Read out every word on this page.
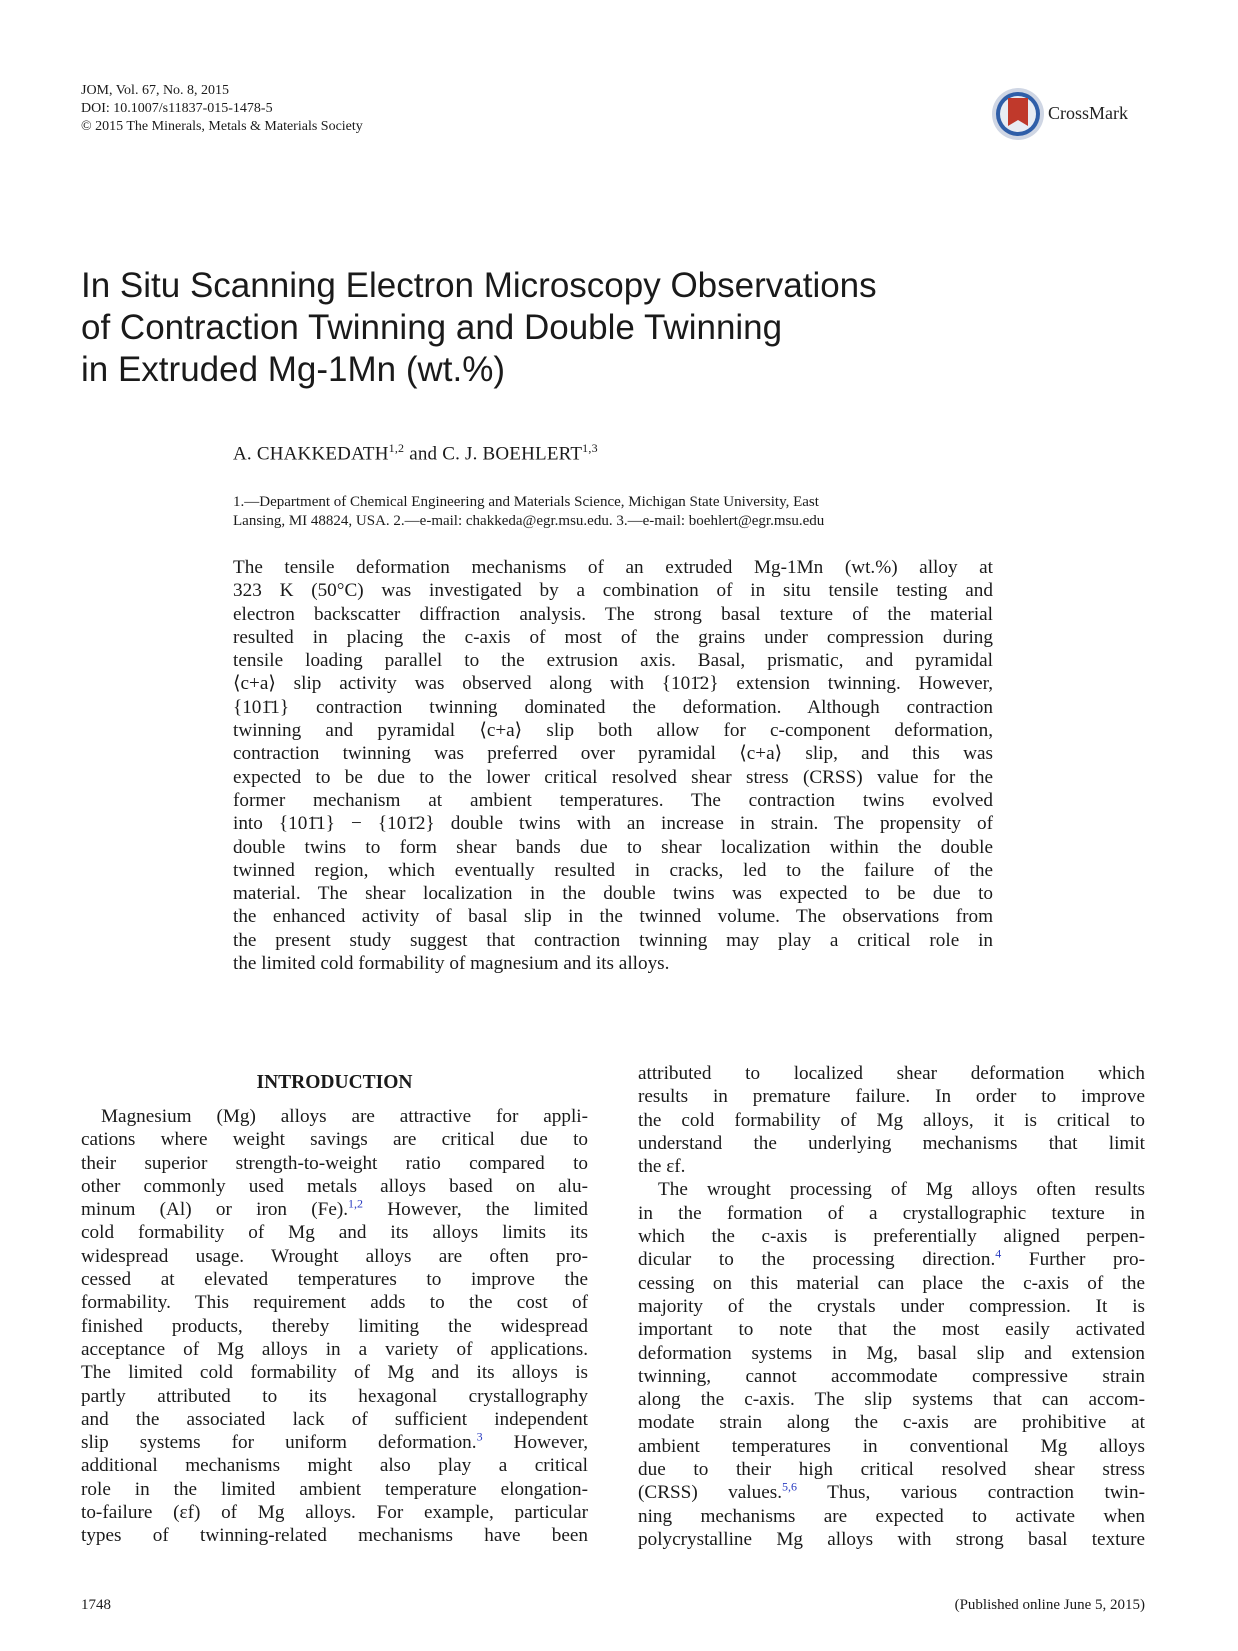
JOM, Vol. 67, No. 8, 2015
DOI: 10.1007/s11837-015-1478-5
© 2015 The Minerals, Metals & Materials Society
CrossMark
In Situ Scanning Electron Microscopy Observations
of Contraction Twinning and Double Twinning
in Extruded Mg-1Mn (wt.%)
A. CHAKKEDATH$^{1,2}$ and C. J. BOEHLERT$^{1,3}$
1.—Department of Chemical Engineering and Materials Science, Michigan State University, East
Lansing, MI 48824, USA. 2.—e-mail: chakkeda@egr.msu.edu. 3.—e-mail: boehlert@egr.msu.edu
The tensile deformation mechanisms of an extruded Mg-1Mn (wt.%) alloy at
323 K (50°C) was investigated by a combination of in situ tensile testing and
electron backscatter diffraction analysis. The strong basal texture of the material
resulted in placing the c-axis of most of the grains under compression during
tensile loading parallel to the extrusion axis. Basal, prismatic, and pyramidal
⟨c+a⟩ slip activity was observed along with {101̄2} extension twinning. However,
{101̄1} contraction twinning dominated the deformation. Although contraction
twinning and pyramidal ⟨c+a⟩ slip both allow for c-component deformation,
contraction twinning was preferred over pyramidal ⟨c+a⟩ slip, and this was
expected to be due to the lower critical resolved shear stress (CRSS) value for the
former mechanism at ambient temperatures. The contraction twins evolved
into {101̄1} − {101̄2} double twins with an increase in strain. The propensity of
double twins to form shear bands due to shear localization within the double
twinned region, which eventually resulted in cracks, led to the failure of the
material. The shear localization in the double twins was expected to be due to
the enhanced activity of basal slip in the twinned volume. The observations from
the present study suggest that contraction twinning may play a critical role in
the limited cold formability of magnesium and its alloys.
INTRODUCTION
Magnesium (Mg) alloys are attractive for appli-
cations where weight savings are critical due to
their superior strength-to-weight ratio compared to
other commonly used metals alloys based on alu-
minum (Al) or iron (Fe).$^{1,2}$ However, the limited
cold formability of Mg and its alloys limits its
widespread usage. Wrought alloys are often pro-
cessed at elevated temperatures to improve the
formability. This requirement adds to the cost of
finished products, thereby limiting the widespread
acceptance of Mg alloys in a variety of applications.
The limited cold formability of Mg and its alloys is
partly attributed to its hexagonal crystallography
and the associated lack of sufficient independent
slip systems for uniform deformation.$^3$ However,
additional mechanisms might also play a critical
role in the limited ambient temperature elongation-
to-failure (εf) of Mg alloys. For example, particular
types of twinning-related mechanisms have been
attributed to localized shear deformation which
results in premature failure. In order to improve
the cold formability of Mg alloys, it is critical to
understand the underlying mechanisms that limit
the εf.
The wrought processing of Mg alloys often results
in the formation of a crystallographic texture in
which the c-axis is preferentially aligned perpen-
dicular to the processing direction.$^4$ Further pro-
cessing on this material can place the c-axis of the
majority of the crystals under compression. It is
important to note that the most easily activated
deformation systems in Mg, basal slip and extension
twinning, cannot accommodate compressive strain
along the c-axis. The slip systems that can accom-
modate strain along the c-axis are prohibitive at
ambient temperatures in conventional Mg alloys
due to their high critical resolved shear stress
(CRSS) values.$^{5,6}$ Thus, various contraction twin-
ning mechanisms are expected to activate when
polycrystalline Mg alloys with strong basal texture
1748	(Published online June 5, 2015)
